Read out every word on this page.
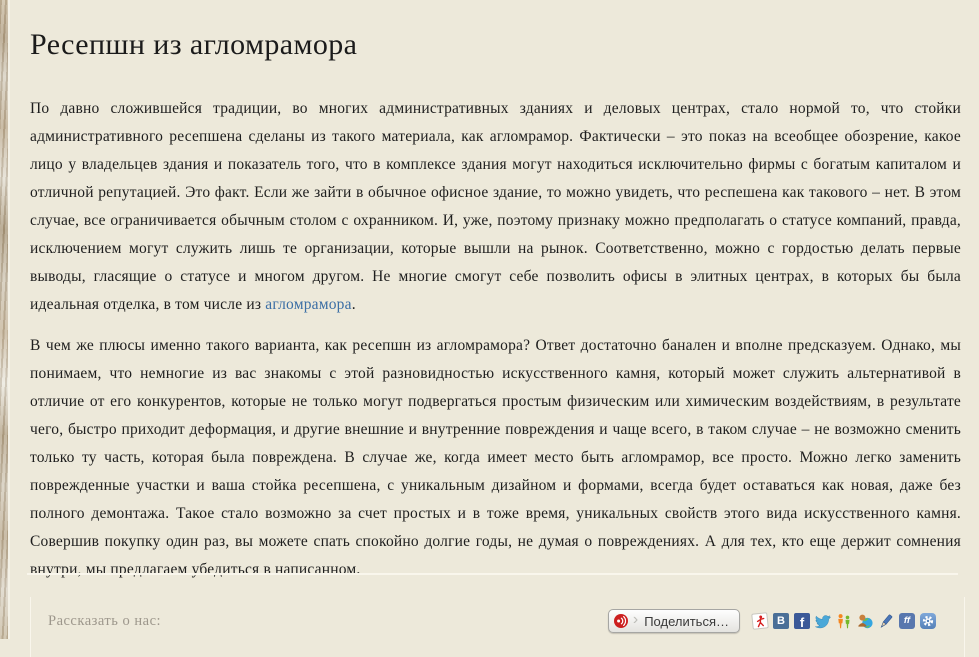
Ресепшн из агломрамора

По давно сложившейся традиции, во многих административных зданиях и деловых центрах, стало нормой то, что стойки административного ресепшена сделаны из такого материала, как агломрамор. Фактически – это показ на всеобщее обозрение, какое лицо у владельцев здания и показатель того, что в комплексе здания могут находиться исключительно фирмы с богатым капиталом и отличной репутацией. Это факт. Если же зайти в обычное офисное здание, то можно увидеть, что респешена как такового – нет. В этом случае, все ограничивается обычным столом с охранником. И, уже, поэтому признаку можно предполагать о статусе компаний, правда, исключением могут служить лишь те организации, которые вышли на рынок. Соответственно, можно с гордостью делать первые выводы, гласящие о статусе и многом другом. Не многие смогут себе позволить офисы в элитных центрах, в которых бы была идеальная отделка, в том числе из агломрамора.

В чем же плюсы именно такого варианта, как ресепшн из агломрамора? Ответ достаточно банален и вполне предсказуем. Однако, мы понимаем, что немногие из вас знакомы с этой разновидностью искусственного камня, который может служить альтернативой в отличие от его конкурентов, которые не только могут подвергаться простым физическим или химическим воздействиям, в результате чего, быстро приходит деформация, и другие внешние и внутренние повреждения и чаще всего, в таком случае – не возможно сменить только ту часть, которая была повреждена. В случае же, когда имеет место быть агломрамор, все просто. Можно легко заменить поврежденные участки и ваша стойка ресепшена, с уникальным дизайном и формами, всегда будет оставаться как новая, даже без полного демонтажа. Такое стало возможно за счет простых и в тоже время, уникальных свойств этого вида искусственного камня. Совершив покупку один раз, вы можете спать спокойно долгие годы, не думая о повреждениях. А для тех, кто еще держит сомнения внутри, мы предлагаем убедиться в написанном.

Рассказать о нас:	› Поделиться…	В	f	ff
